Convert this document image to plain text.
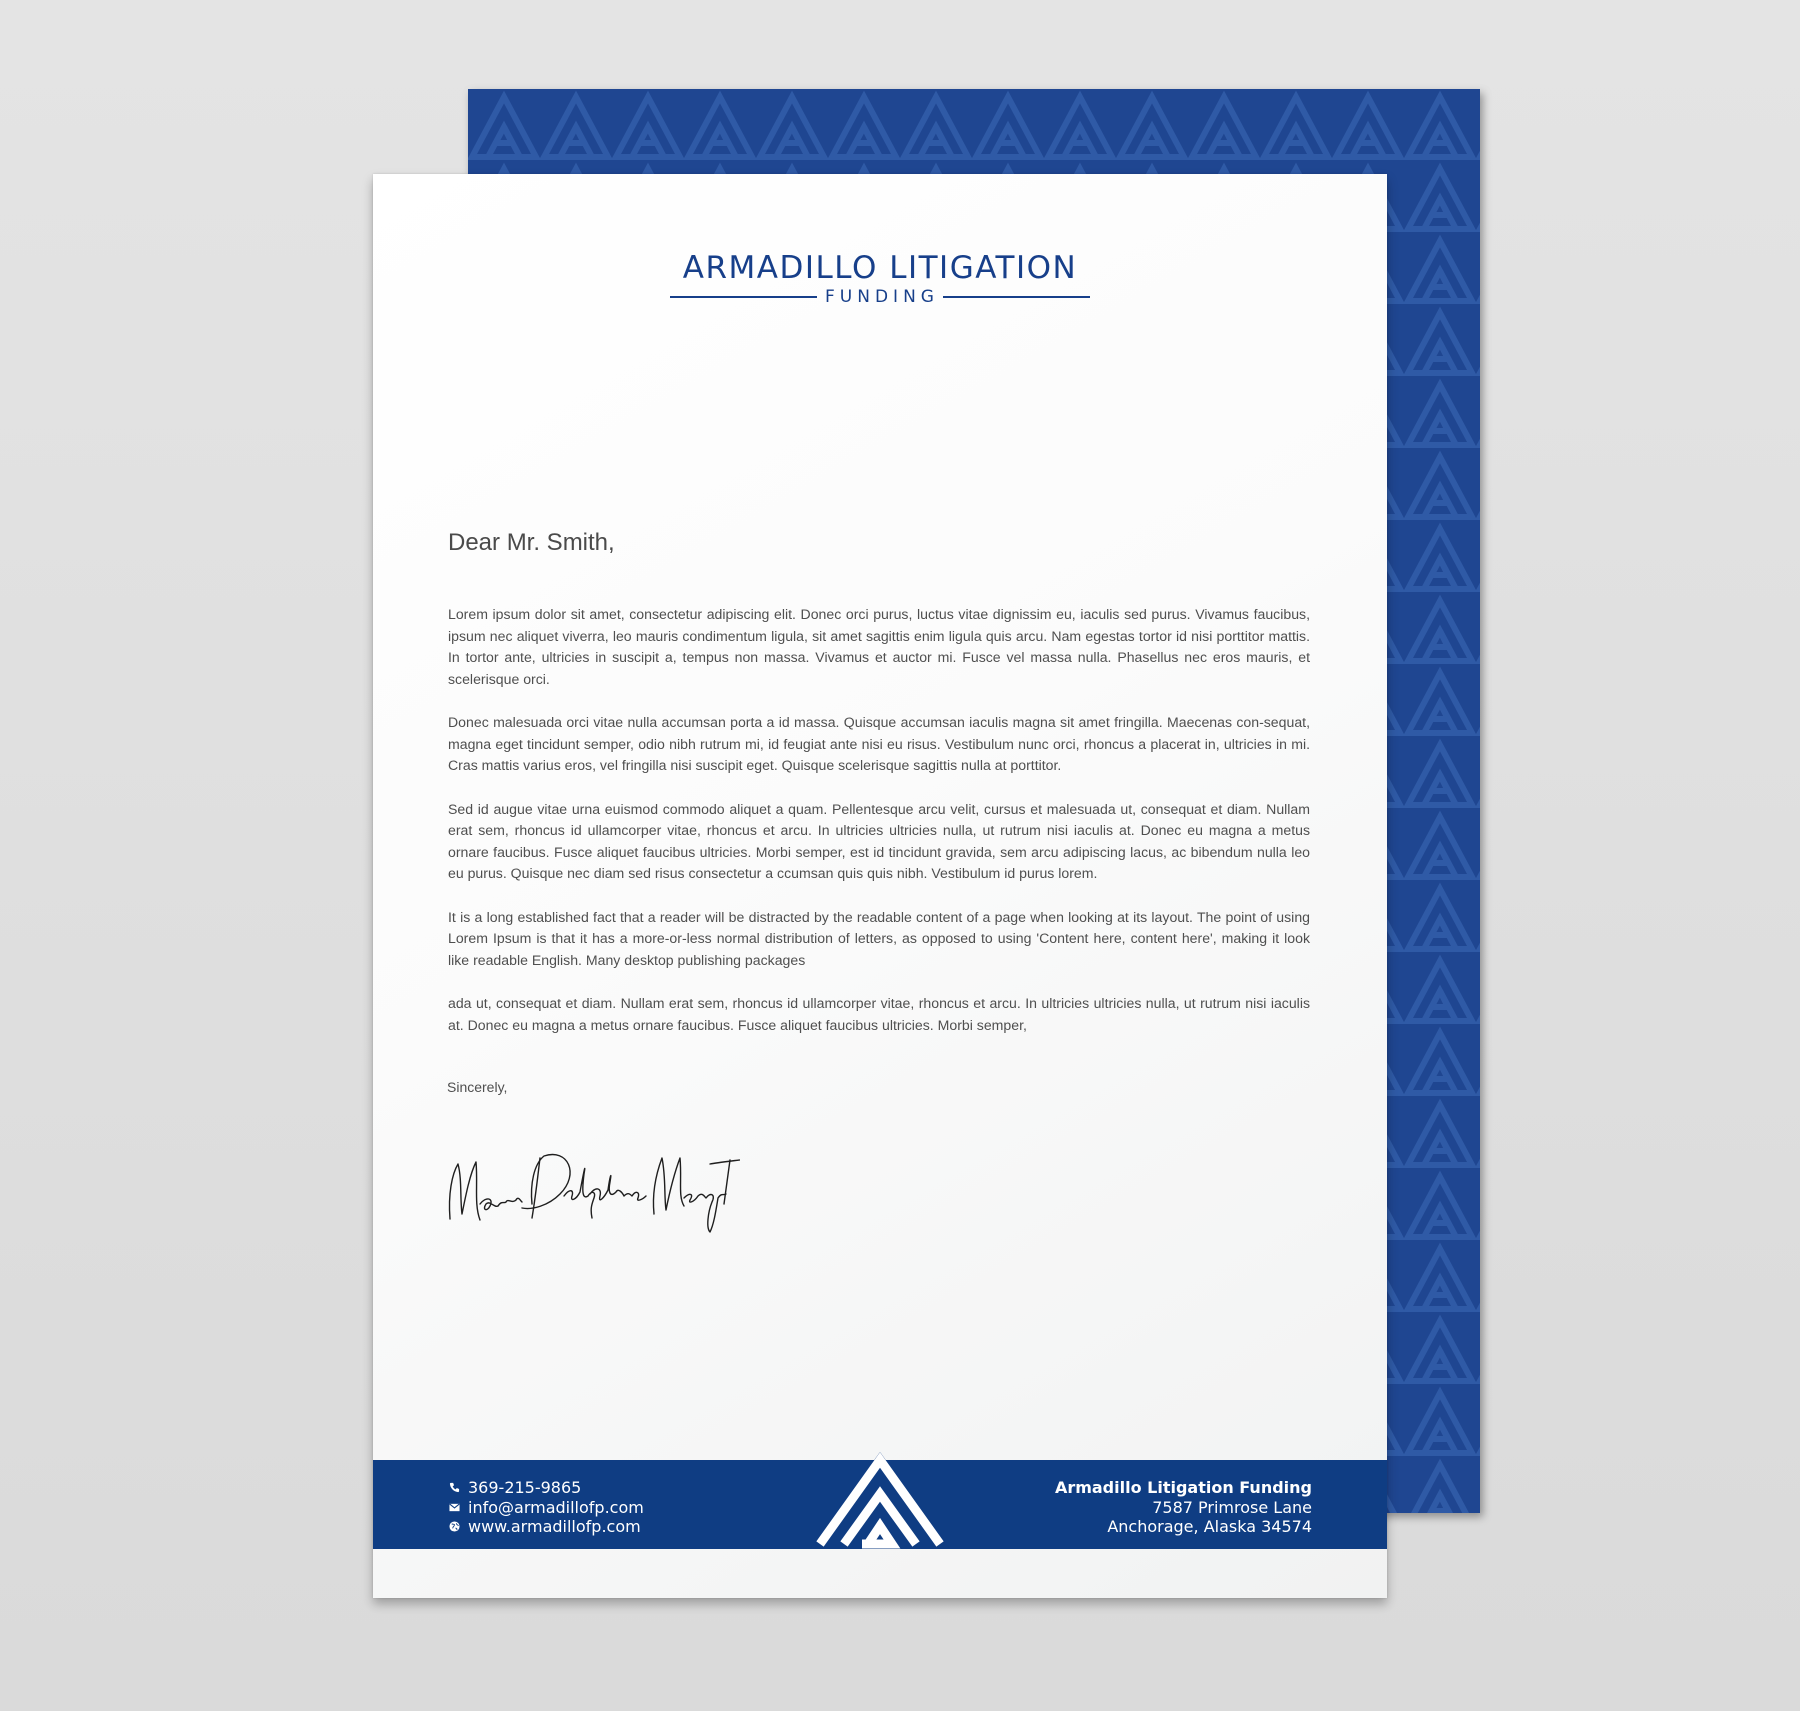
ARMADILLO LITIGATION
FUNDING
Dear Mr. Smith,

Lorem ipsum dolor sit amet, consectetur adipiscing elit. Donec orci purus, luctus vitae dignissim eu, iaculis sed purus. Vivamus faucibus, ipsum nec aliquet viverra, leo mauris condimentum ligula, sit amet sagittis enim ligula quis arcu. Nam egestas tortor id nisi porttitor mattis. In tortor ante, ultricies in suscipit a, tempus non massa. Vivamus et auctor mi. Fusce vel massa nulla. Phasellus nec eros mauris, et scelerisque orci.

Donec malesuada orci vitae nulla accumsan porta a id massa. Quisque accumsan iaculis magna sit amet fringilla. Maecenas con-sequat, magna eget tincidunt semper, odio nibh rutrum mi, id feugiat ante nisi eu risus. Vestibulum nunc orci, rhoncus a placerat in, ultricies in mi. Cras mattis varius eros, vel fringilla nisi suscipit eget. Quisque scelerisque sagittis nulla at porttitor.

Sed id augue vitae urna euismod commodo aliquet a quam. Pellentesque arcu velit, cursus et malesuada ut, consequat et diam. Nullam erat sem, rhoncus id ullamcorper vitae, rhoncus et arcu. In ultricies ultricies nulla, ut rutrum nisi iaculis at. Donec eu magna a metus ornare faucibus. Fusce aliquet faucibus ultricies. Morbi semper, est id tincidunt gravida, sem arcu adipiscing lacus, ac bibendum nulla leo eu purus. Quisque nec diam sed risus consectetur a ccumsan quis quis nibh. Vestibulum id purus lorem.

It is a long established fact that a reader will be distracted by the readable content of a page when looking at its layout. The point of using Lorem Ipsum is that it has a more-or-less normal distribution of letters, as opposed to using 'Content here, content here', making it look like readable English. Many desktop publishing packages

ada ut, consequat et diam. Nullam erat sem, rhoncus id ullamcorper vitae, rhoncus et arcu. In ultricies ultricies nulla, ut rutrum nisi iaculis at. Donec eu magna a metus ornare faucibus. Fusce aliquet faucibus ultricies. Morbi semper,

Sincerely,
369-215-9865
info@armadillofp.com
www.armadillofp.com
Armadillo Litigation Funding
7587 Primrose Lane
Anchorage, Alaska 34574
